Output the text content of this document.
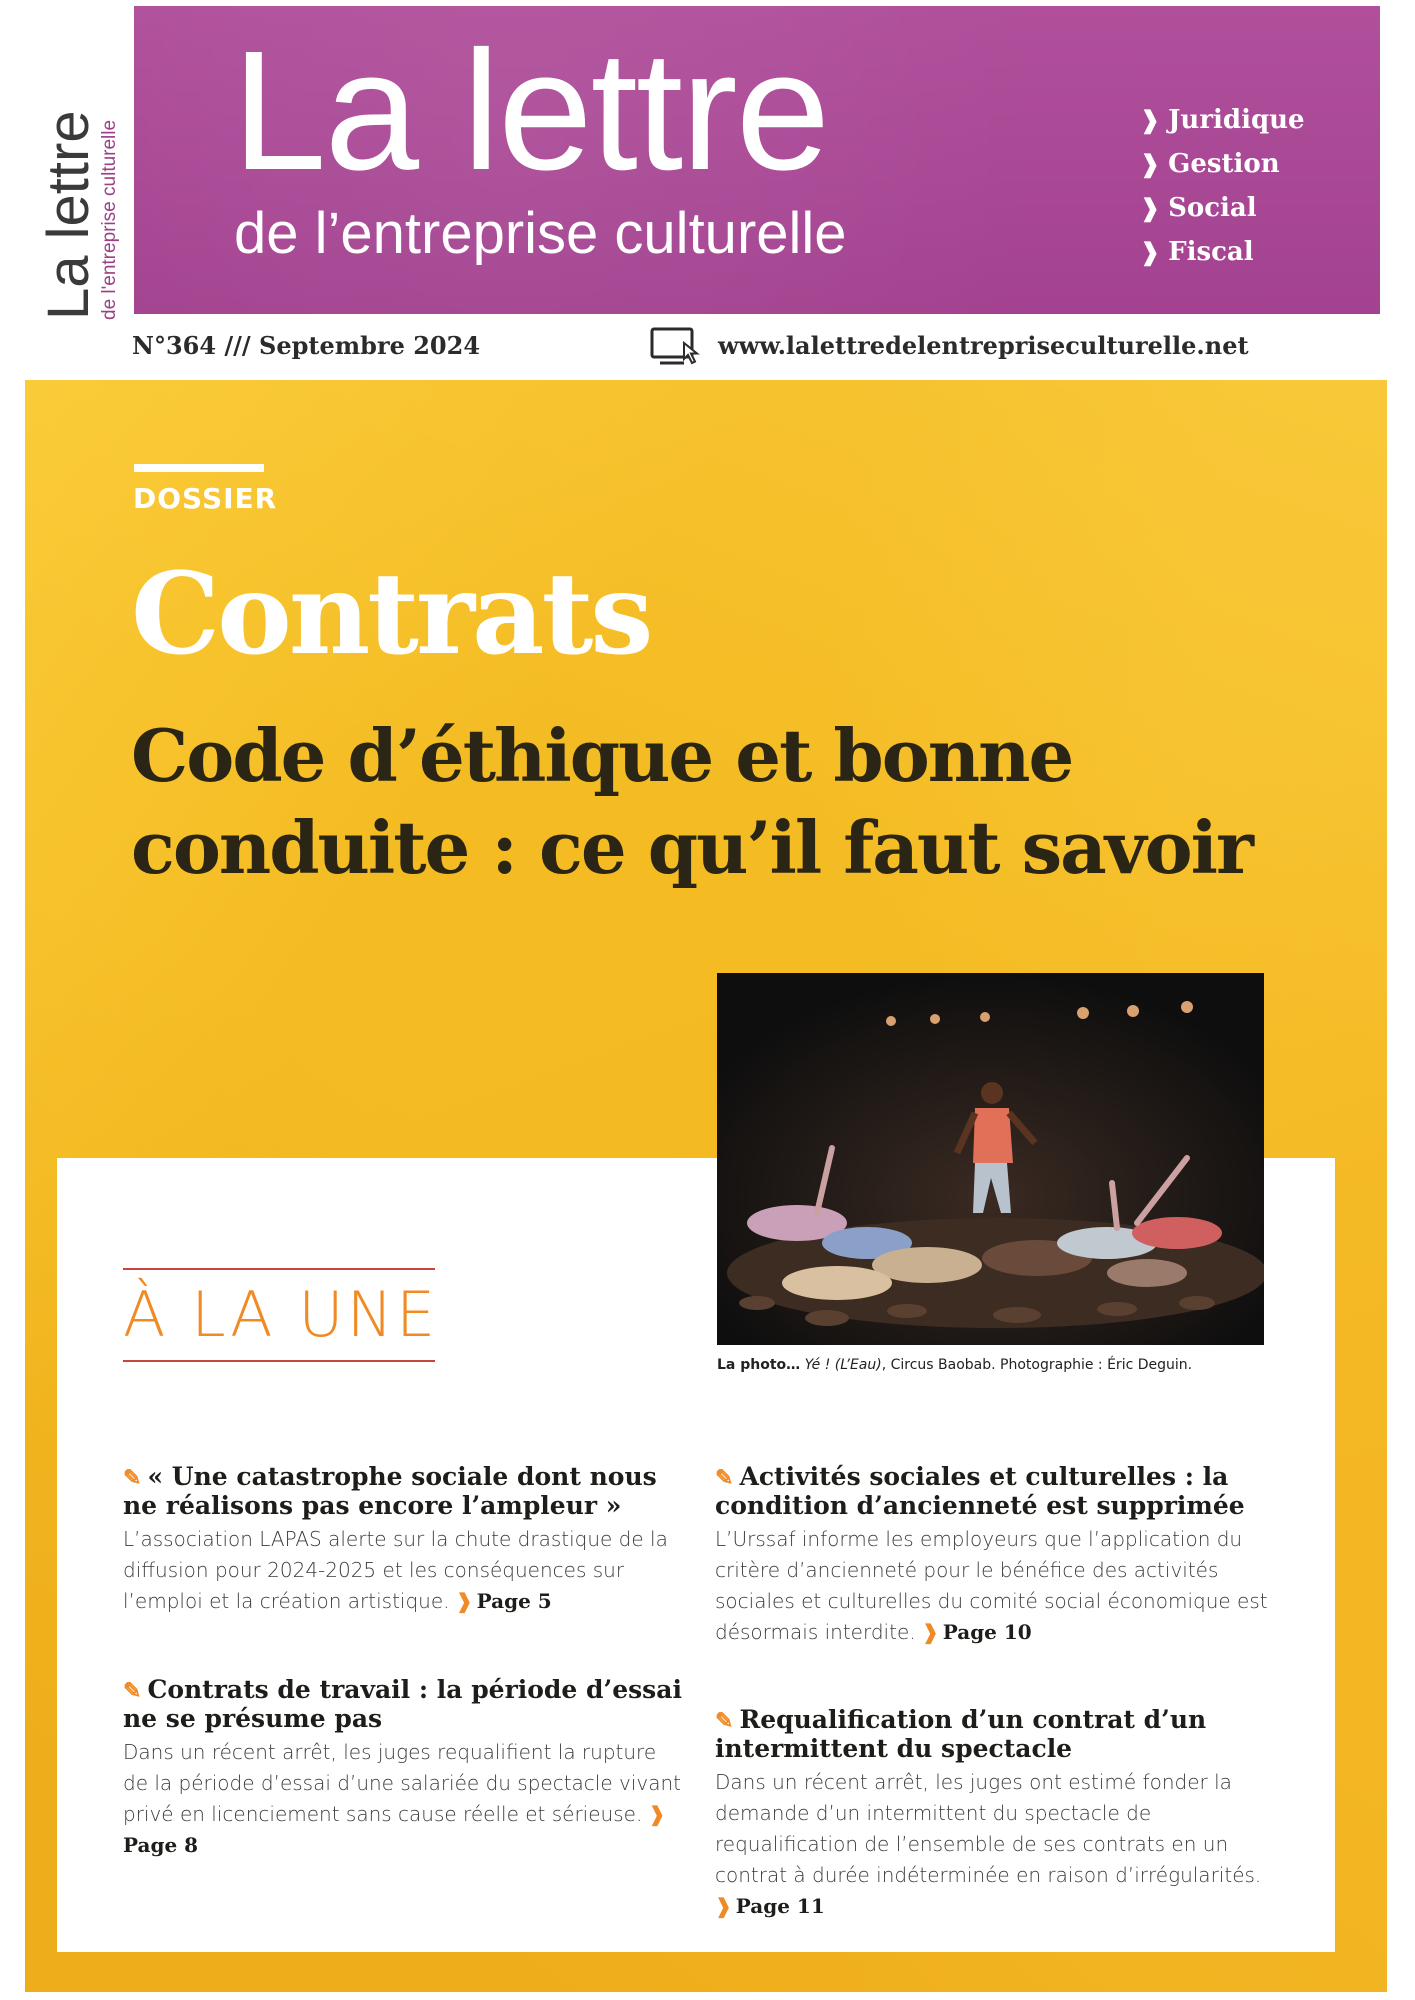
La lettre
de l'entreprise culturelle
La lettre
de l’entreprise culturelle
❱ Juridique
❱ Gestion
❱ Social
❱ Fiscal
N°364 /// Septembre 2024	www.lalettredelentrepriseculturelle.net
DOSSIER
Contrats
Code d’éthique et bonne conduite : ce qu’il faut savoir
La photo… Yé ! (L’Eau), Circus Baobab. Photographie : Éric Deguin.
À LA UNE
✎ « Une catastrophe sociale dont nous ne réalisons pas encore l’ampleur »
L’association LAPAS alerte sur la chute drastique de la diffusion pour 2024-2025 et les conséquences sur l’emploi et la création artistique. ❱ Page 5
✎ Contrats de travail : la période d’essai ne se présume pas
Dans un récent arrêt, les juges requalifient la rupture de la période d’essai d’une salariée du spectacle vivant privé en licenciement sans cause réelle et sérieuse. ❱Page 8
✎ Activités sociales et culturelles : la condition d’ancienneté est supprimée
L’Urssaf informe les employeurs que l’application du critère d’ancienneté pour le bénéfice des activités sociales et culturelles du comité social économique est désormais interdite. ❱ Page 10
✎ Requalification d’un contrat d’un intermittent du spectacle
Dans un récent arrêt, les juges ont estimé fonder la demande d’un intermittent du spectacle de requalification de l’ensemble de ses contrats en un contrat à durée indéterminée en raison d’irrégularités. ❱ Page 11
